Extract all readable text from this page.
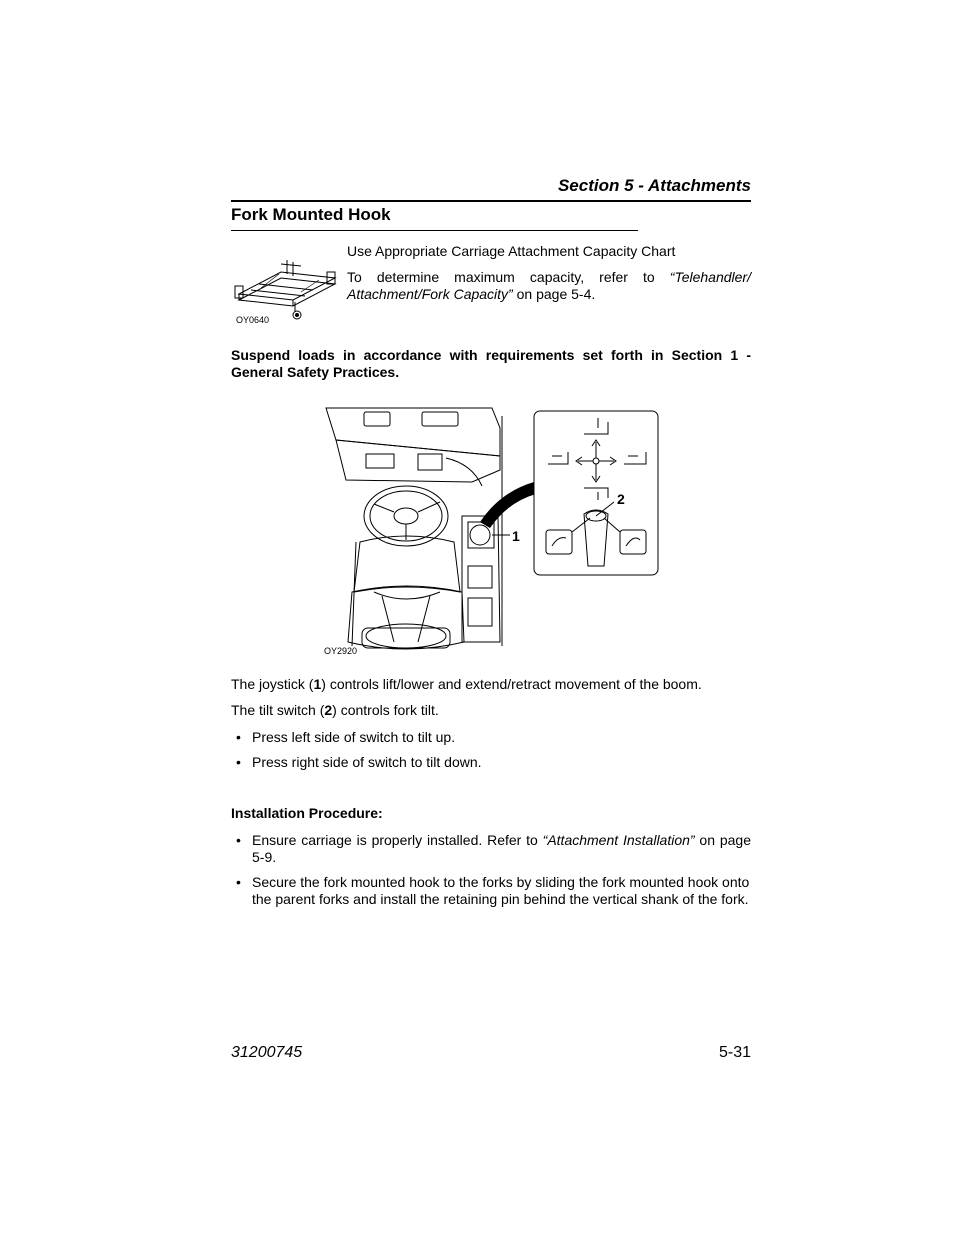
Section 5 - Attachments
Fork Mounted Hook
OY0640
Use Appropriate Carriage Attachment Capacity Chart
To determine maximum capacity, refer to “Telehandler/ Attachment/Fork Capacity” on page 5-4.
Suspend loads in accordance with requirements set forth in Section 1 - General Safety Practices.
2
1
OY2920
The joystick (1) controls lift/lower and extend/retract movement of the boom.
The tilt switch (2) controls fork tilt.
• Press left side of switch to tilt up.
• Press right side of switch to tilt down.
Installation Procedure:
• Ensure carriage is properly installed. Refer to “Attachment Installation” on page 5-9.
• Secure the fork mounted hook to the forks by sliding the fork mounted hook onto the parent forks and install the retaining pin behind the vertical shank of the fork.
31200745	5-31
